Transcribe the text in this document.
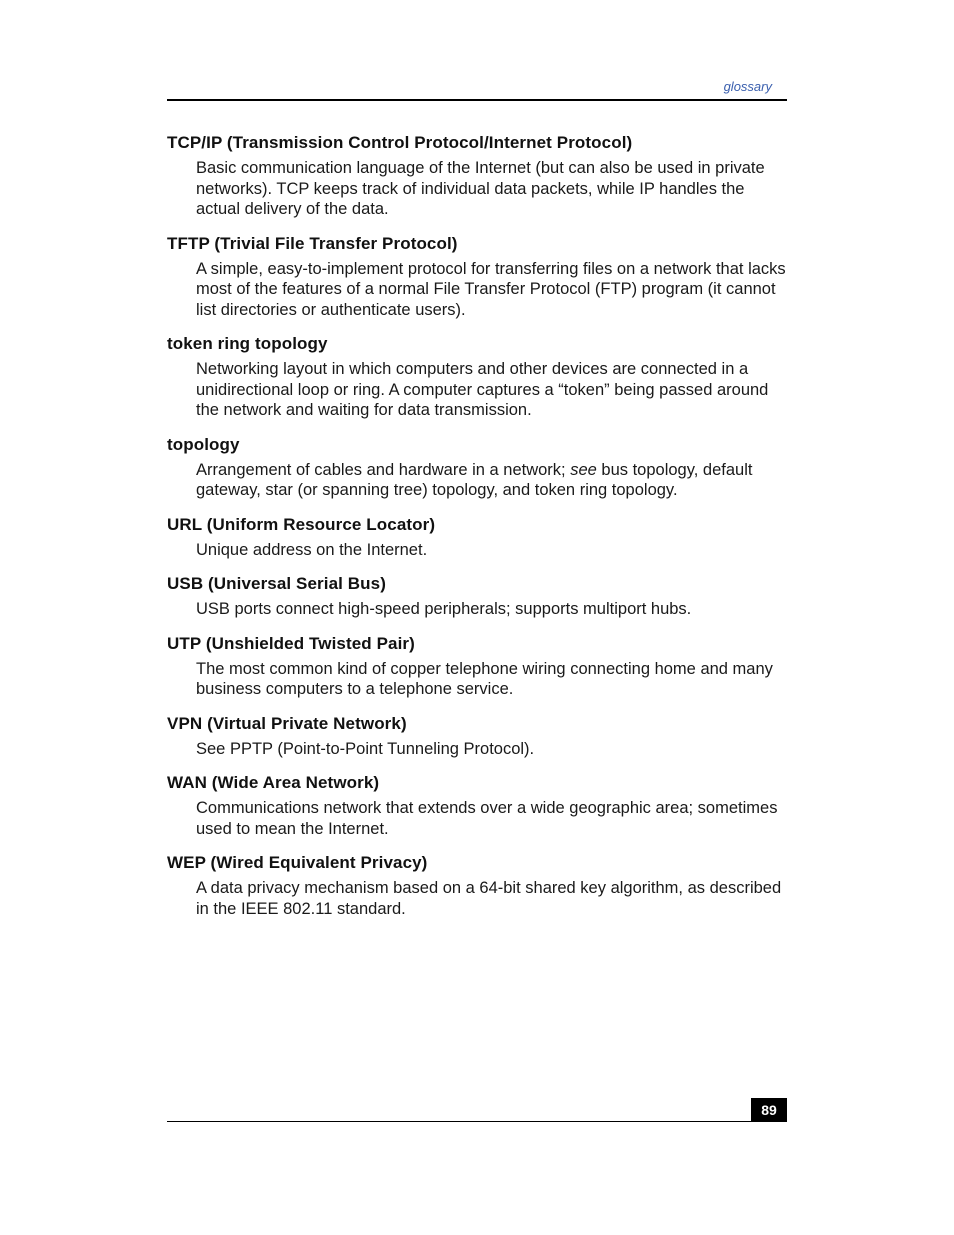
glossary

TCP/IP (Transmission Control Protocol/Internet Protocol)

Basic communication language of the Internet (but can also be used in private networks). TCP keeps track of individual data packets, while IP handles the actual delivery of the data.

TFTP (Trivial File Transfer Protocol)

A simple, easy-to-implement protocol for transferring files on a network that lacks most of the features of a normal File Transfer Protocol (FTP) program (it cannot list directories or authenticate users).

token ring topology

Networking layout in which computers and other devices are connected in a unidirectional loop or ring. A computer captures a “token” being passed around the network and waiting for data transmission.

topology

Arrangement of cables and hardware in a network; see bus topology, default gateway, star (or spanning tree) topology, and token ring topology.

URL (Uniform Resource Locator)

Unique address on the Internet.

USB (Universal Serial Bus)

USB ports connect high-speed peripherals; supports multiport hubs.

UTP (Unshielded Twisted Pair)

The most common kind of copper telephone wiring connecting home and many business computers to a telephone service.

VPN (Virtual Private Network)

See PPTP (Point-to-Point Tunneling Protocol).

WAN (Wide Area Network)

Communications network that extends over a wide geographic area; sometimes used to mean the Internet.

WEP (Wired Equivalent Privacy)

A data privacy mechanism based on a 64-bit shared key algorithm, as described in the IEEE 802.11 standard.

89
